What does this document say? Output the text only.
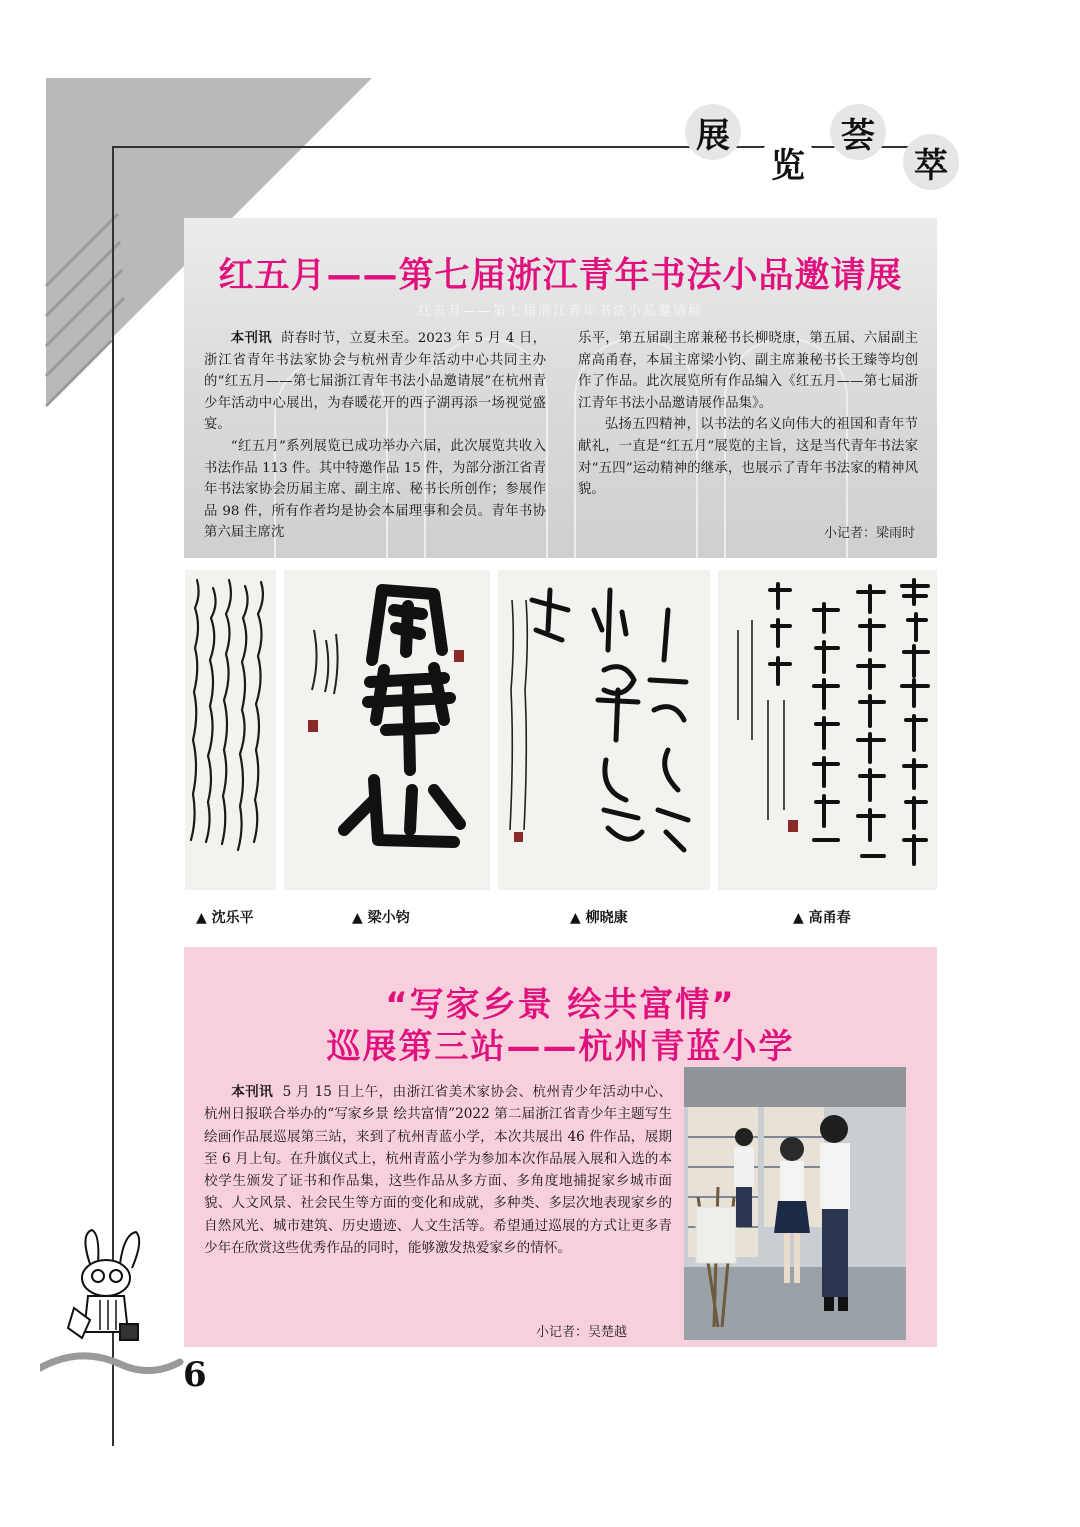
展
览
荟
萃
红五月——第七届浙江青年书法小品邀请展
红五月——第七届浙江青年书法小品邀请展

本刊讯 莳春时节，立夏未至。2023 年 5 月 4 日，浙江省青年书法家协会与杭州青少年活动中心共同主办的“红五月——第七届浙江青年书法小品邀请展”在杭州青少年活动中心展出，为春暖花开的西子湖再添一场视觉盛宴。

“红五月”系列展览已成功举办六届，此次展览共收入书法作品 113 件。其中特邀作品 15 件，为部分浙江省青年书法家协会历届主席、副主席、秘书长所创作；参展作品 98 件，所有作者均是协会本届理事和会员。青年书协第六届主席沈

乐平，第五届副主席兼秘书长柳晓康，第五届、六届副主席高甬春，本届主席梁小钧、副主席兼秘书长王臻等均创作了作品。此次展览所有作品编入《红五月——第七届浙江青年书法小品邀请展作品集》。

弘扬五四精神，以书法的名义向伟大的祖国和青年节献礼，一直是“红五月”展览的主旨，这是当代青年书法家对“五四”运动精神的继承，也展示了青年书法家的精神风貌。

小记者：梁雨时
▲ 沈乐平	▲ 梁小钧	▲ 柳晓康	▲ 高甬春
“写家乡景 绘共富情”
巡展第三站——杭州青蓝小学

本刊讯 5 月 15 日上午，由浙江省美术家协会、杭州青少年活动中心、杭州日报联合举办的“写家乡景 绘共富情”2022 第二届浙江省青少年主题写生绘画作品展巡展第三站，来到了杭州青蓝小学，本次共展出 46 件作品，展期至 6 月上旬。在升旗仪式上，杭州青蓝小学为参加本次作品展入展和入选的本校学生颁发了证书和作品集，这些作品从多方面、多角度地捕捉家乡城市面貌、人文风景、社会民生等方面的变化和成就，多种类、多层次地表现家乡的自然风光、城市建筑、历史遗迹、人文生活等。希望通过巡展的方式让更多青少年在欣赏这些优秀作品的同时，能够激发热爱家乡的情怀。

小记者：吴楚越
6
